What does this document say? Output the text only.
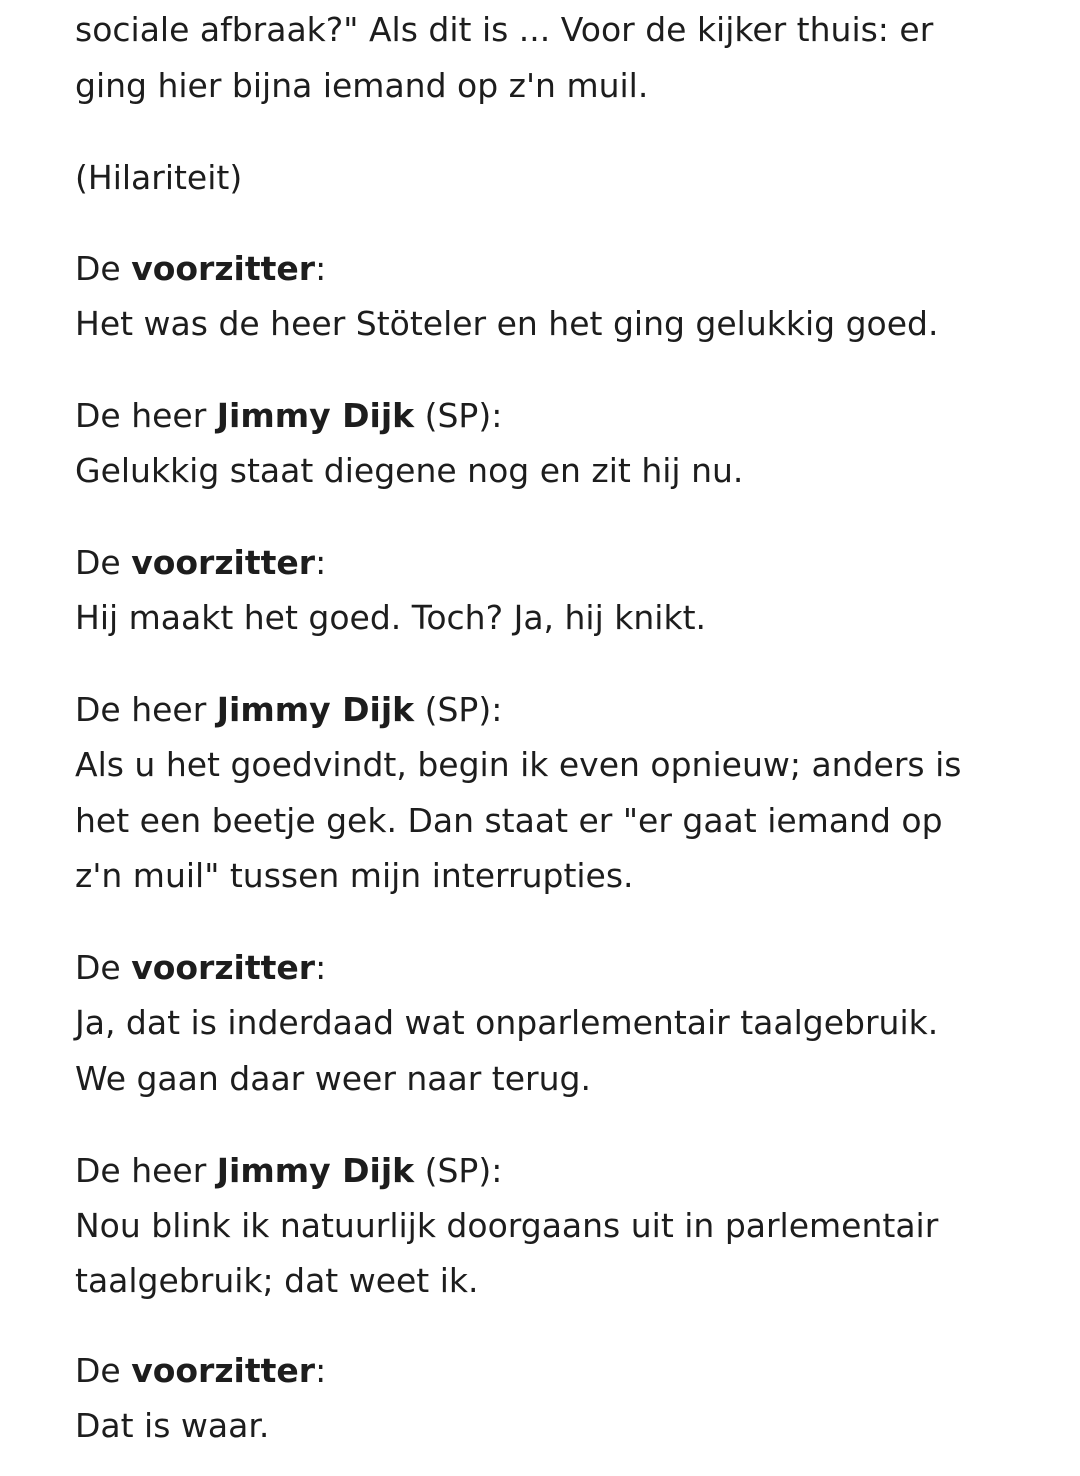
sociale afbraak?" Als dit is ... Voor de kijker thuis: er
ging hier bijna iemand op z'n muil.
(Hilariteit)
De voorzitter:
Het was de heer Stöteler en het ging gelukkig goed.
De heer Jimmy Dijk (SP):
Gelukkig staat diegene nog en zit hij nu.
De voorzitter:
Hij maakt het goed. Toch? Ja, hij knikt.
De heer Jimmy Dijk (SP):
Als u het goedvindt, begin ik even opnieuw; anders is
het een beetje gek. Dan staat er "er gaat iemand op
z'n muil" tussen mijn interrupties.
De voorzitter:
Ja, dat is inderdaad wat onparlementair taalgebruik.
We gaan daar weer naar terug.
De heer Jimmy Dijk (SP):
Nou blink ik natuurlijk doorgaans uit in parlementair
taalgebruik; dat weet ik.
De voorzitter:
Dat is waar.
